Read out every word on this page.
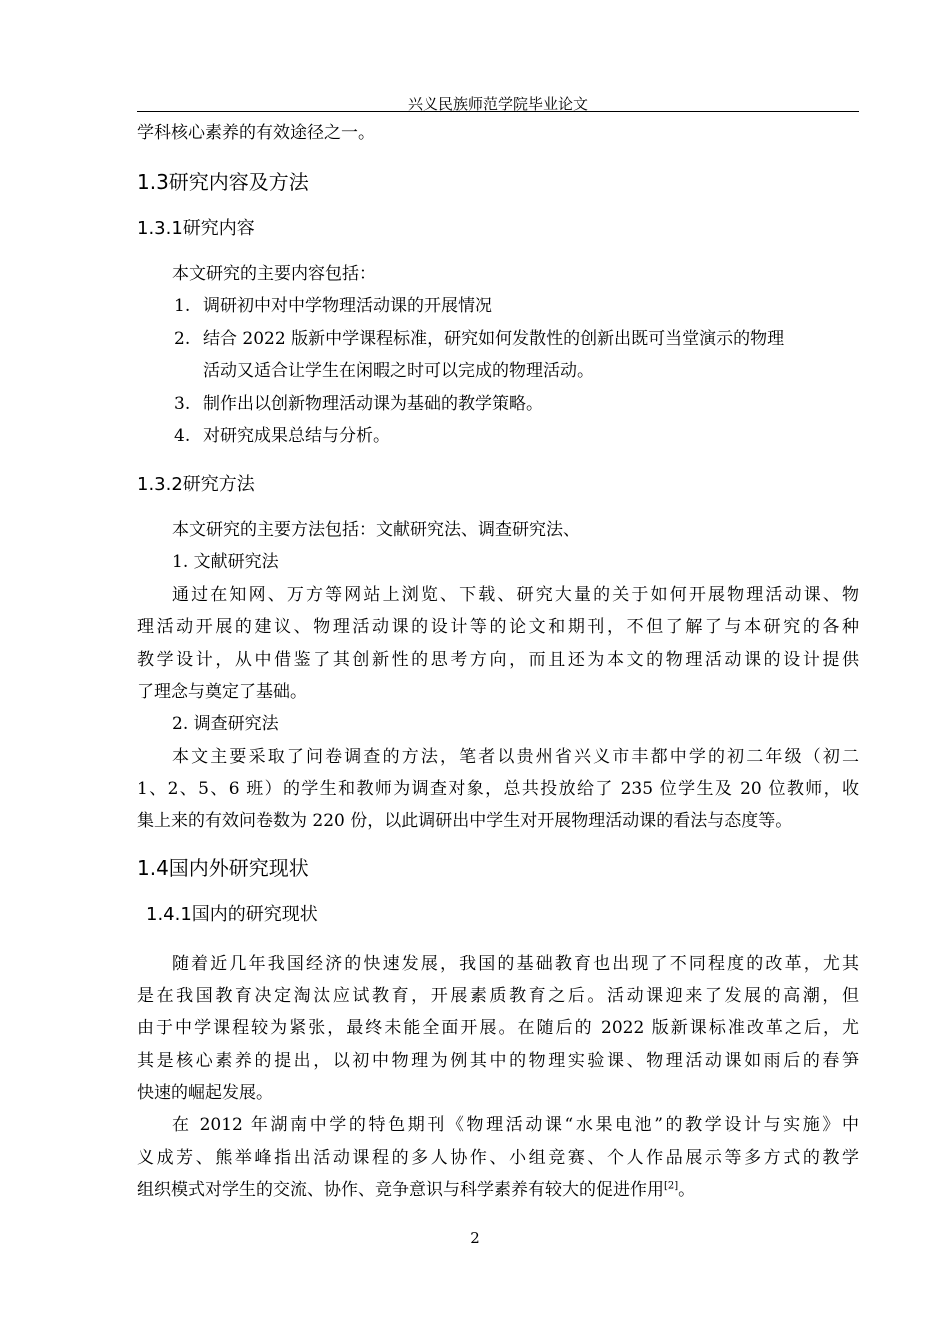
兴义民族师范学院毕业论文
学科核心素养的有效途径之一。
1.3研究内容及方法
1.3.1研究内容
本文研究的主要内容包括：
1. 调研初中对中学物理活动课的开展情况
2. 结合 2022 版新中学课程标准，研究如何发散性的创新出既可当堂演示的物理
活动又适合让学生在闲暇之时可以完成的物理活动。
3. 制作出以创新物理活动课为基础的教学策略。
4. 对研究成果总结与分析。
1.3.2研究方法
本文研究的主要方法包括：文献研究法、调查研究法、
1. 文献研究法
通过在知网、万方等网站上浏览、下载、研究大量的关于如何开展物理活动课、物
理活动开展的建议、物理活动课的设计等的论文和期刊，不但了解了与本研究的各种
教学设计，从中借鉴了其创新性的思考方向，而且还为本文的物理活动课的设计提供
了理念与奠定了基础。
2. 调查研究法
本文主要采取了问卷调查的方法，笔者以贵州省兴义市丰都中学的初二年级（初二
1、2、5、6 班）的学生和教师为调查对象，总共投放给了 235 位学生及 20 位教师，收
集上来的有效问卷数为 220 份，以此调研出中学生对开展物理活动课的看法与态度等。
1.4国内外研究现状
1.4.1国内的研究现状
随着近几年我国经济的快速发展，我国的基础教育也出现了不同程度的改革，尤其
是在我国教育决定淘汰应试教育，开展素质教育之后。活动课迎来了发展的高潮，但
由于中学课程较为紧张，最终未能全面开展。在随后的 2022 版新课标准改革之后，尤
其是核心素养的提出，以初中物理为例其中的物理实验课、物理活动课如雨后的春笋
快速的崛起发展。
在 2012 年湖南中学的特色期刊《物理活动课“水果电池”的教学设计与实施》中
义成芳、熊举峰指出活动课程的多人协作、小组竞赛、个人作品展示等多方式的教学
组织模式对学生的交流、协作、竞争意识与科学素养有较大的促进作用[2]。
2
